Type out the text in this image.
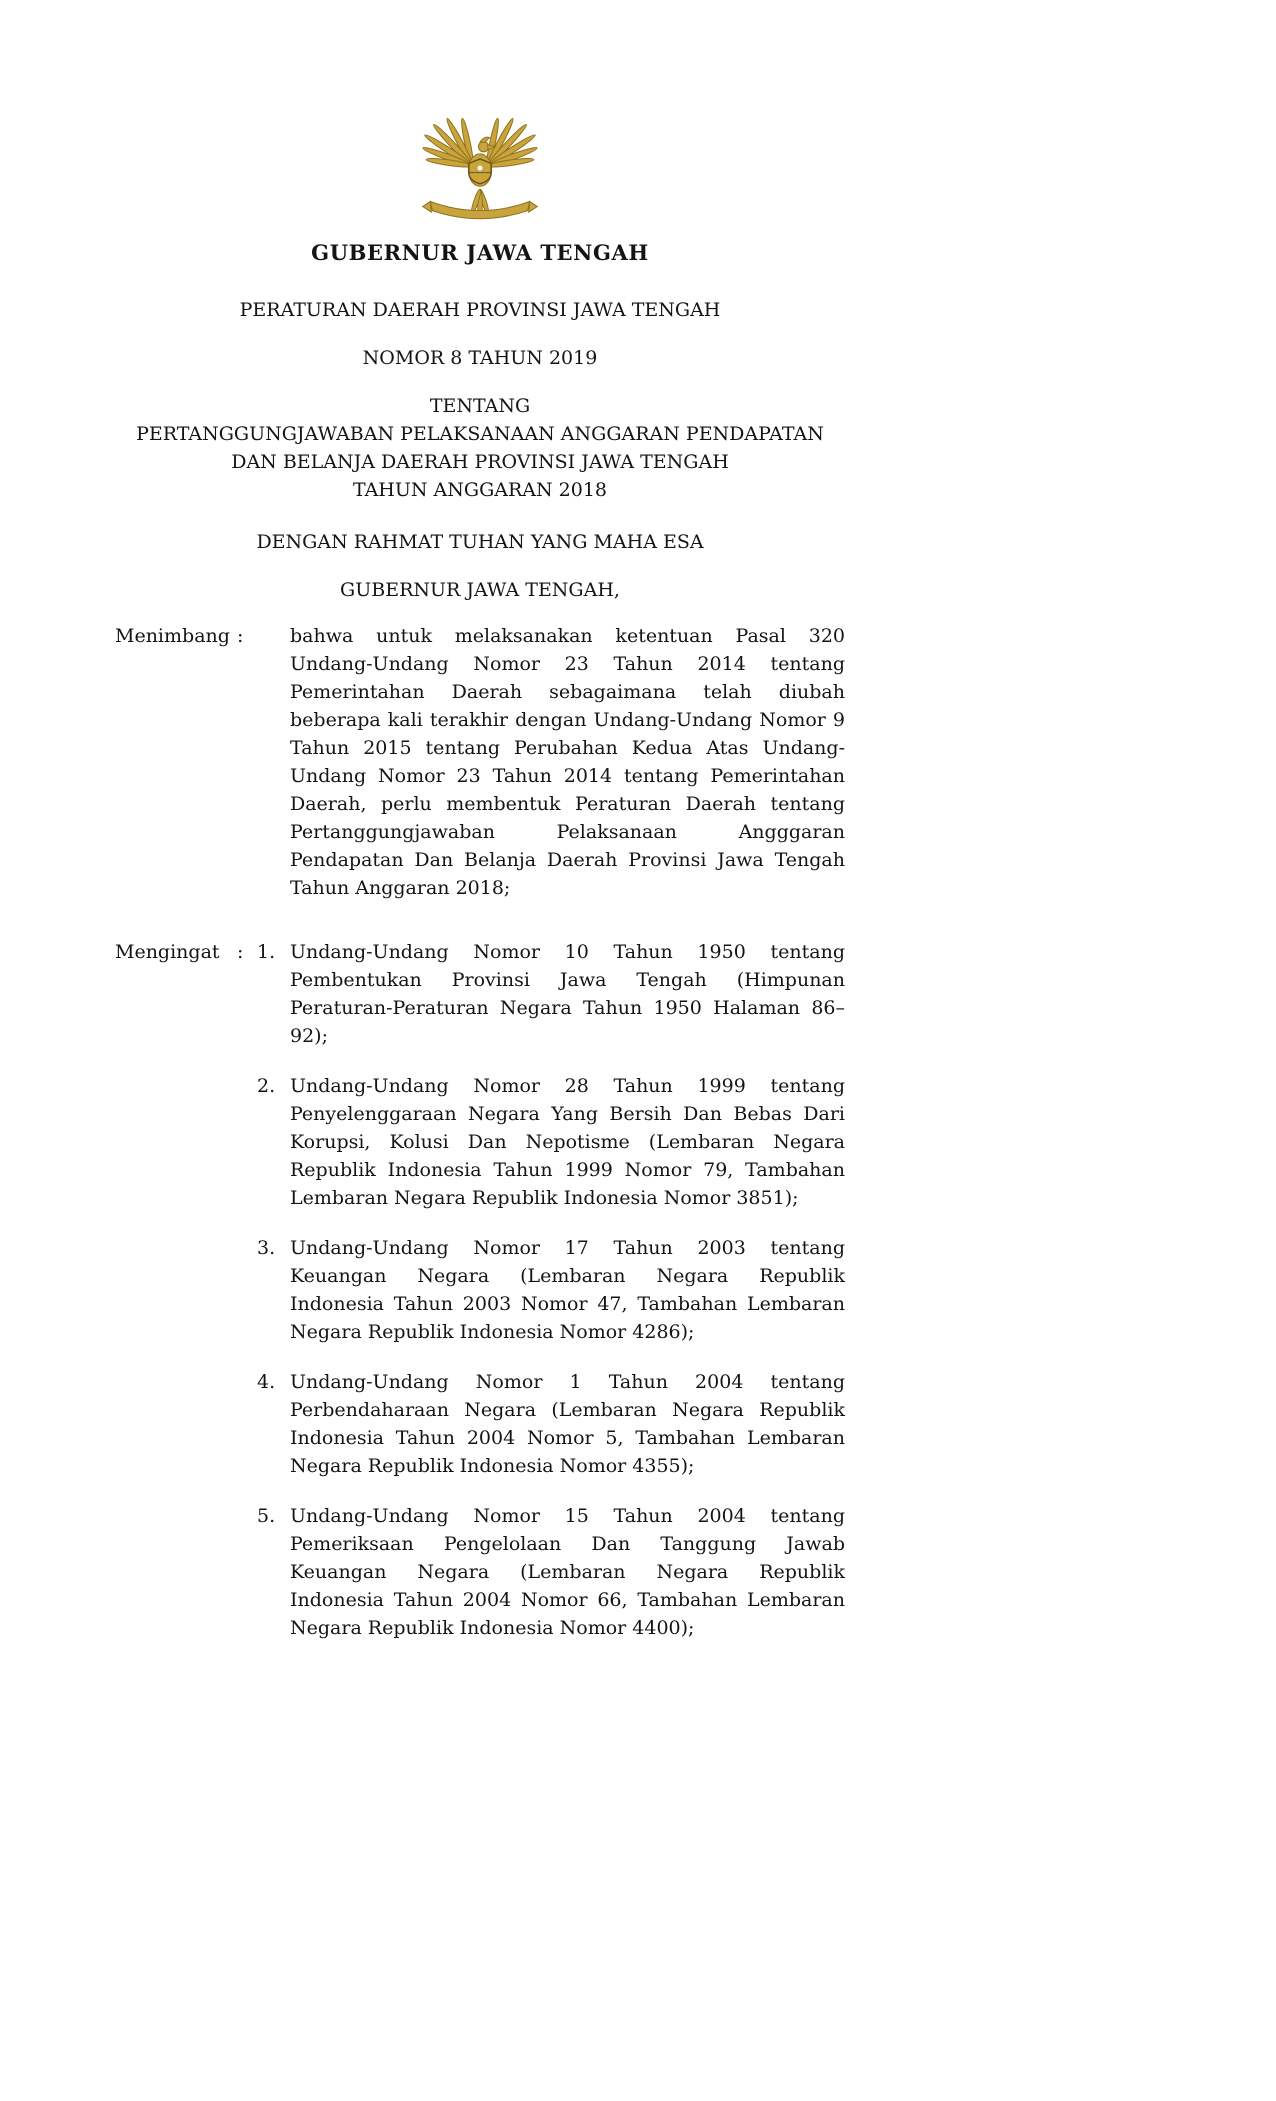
GUBERNUR JAWA TENGAH

PERATURAN DAERAH PROVINSI JAWA TENGAH

NOMOR 8 TAHUN 2019

TENTANG

PERTANGGUNGJAWABAN PELAKSANAAN ANGGARAN PENDAPATAN DAN BELANJA DAERAH PROVINSI JAWA TENGAH

TAHUN ANGGARAN 2018

DENGAN RAHMAT TUHAN YANG MAHA ESA

GUBERNUR JAWA TENGAH,

Menimbang :	bahwa untuk melaksanakan ketentuan Pasal 320 Undang-Undang Nomor 23 Tahun 2014 tentang Pemerintahan Daerah sebagaimana telah diubah beberapa kali terakhir dengan Undang-Undang Nomor 9 Tahun 2015 tentang Perubahan Kedua Atas Undang-Undang Nomor 23 Tahun 2014 tentang Pemerintahan Daerah, perlu membentuk Peraturan Daerah tentang Pertanggungjawaban Pelaksanaan Angggaran Pendapatan Dan Belanja Daerah Provinsi Jawa Tengah Tahun Anggaran 2018;
Mengingat : 1. Undang-Undang Nomor 10 Tahun 1950 tentang Pembentukan Provinsi Jawa Tengah (Himpunan Peraturan-Peraturan Negara Tahun 1950 Halaman 86–92);
2. Undang-Undang Nomor 28 Tahun 1999 tentang Penyelenggaraan Negara Yang Bersih Dan Bebas Dari Korupsi, Kolusi Dan Nepotisme (Lembaran Negara Republik Indonesia Tahun 1999 Nomor 79, Tambahan Lembaran Negara Republik Indonesia Nomor 3851);
3. Undang-Undang Nomor 17 Tahun 2003 tentang Keuangan Negara (Lembaran Negara Republik Indonesia Tahun 2003 Nomor 47, Tambahan Lembaran Negara Republik Indonesia Nomor 4286);
4. Undang-Undang Nomor 1 Tahun 2004 tentang Perbendaharaan Negara (Lembaran Negara Republik Indonesia Tahun 2004 Nomor 5, Tambahan Lembaran Negara Republik Indonesia Nomor 4355);
5. Undang-Undang Nomor 15 Tahun 2004 tentang Pemeriksaan Pengelolaan Dan Tanggung Jawab Keuangan Negara (Lembaran Negara Republik Indonesia Tahun 2004 Nomor 66, Tambahan Lembaran Negara Republik Indonesia Nomor 4400);
